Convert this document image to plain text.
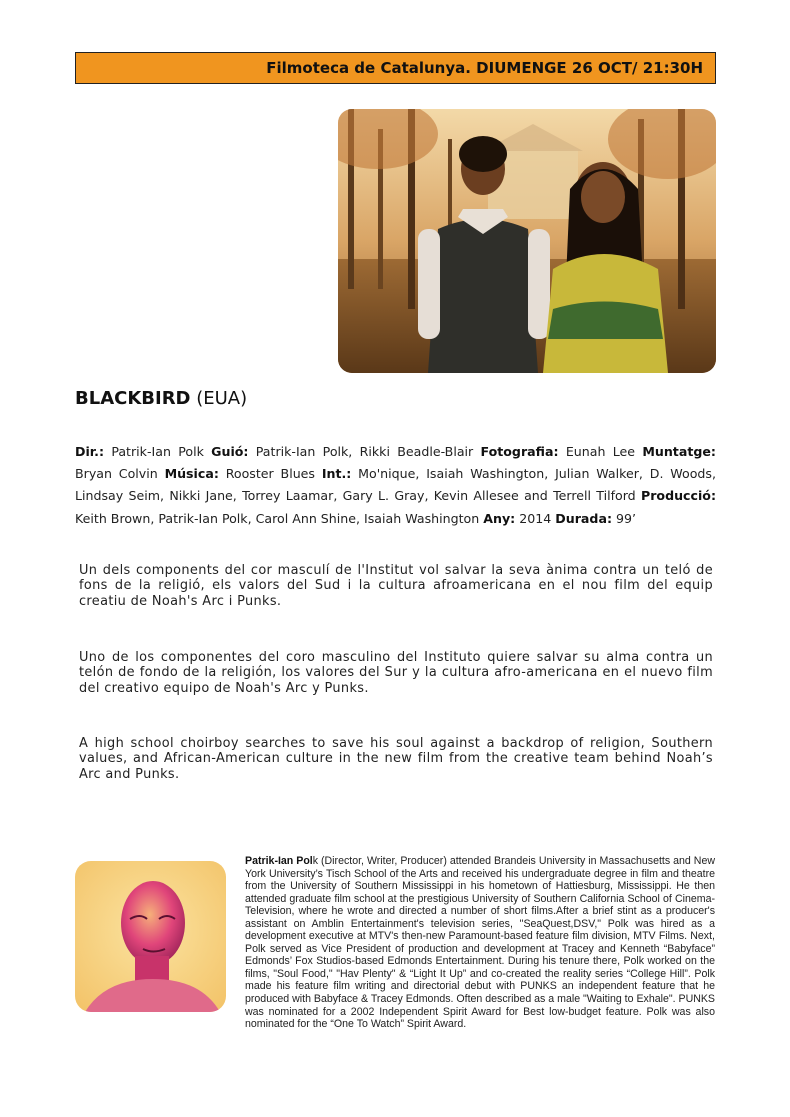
Filmoteca de Catalunya. DIUMENGE 26 OCT/ 21:30H
BLACKBIRD (EUA)
Dir.: Patrik-Ian Polk Guió: Patrik-Ian Polk, Rikki Beadle-Blair Fotografia: Eunah Lee Muntatge: Bryan Colvin Música: Rooster Blues Int.: Mo'nique, Isaiah Washington, Julian Walker, D. Woods, Lindsay Seim, Nikki Jane, Torrey Laamar, Gary L. Gray, Kevin Allesee and Terrell Tilford Producció: Keith Brown, Patrik-Ian Polk, Carol Ann Shine, Isaiah Washington Any: 2014 Durada: 99’

Un dels components del cor masculí de l'Institut vol salvar la seva ànima contra un teló de fons de la religió, els valors del Sud i la cultura afroamericana en el nou film del equip creatiu de Noah's Arc i Punks.

Uno de los componentes del coro masculino del Instituto quiere salvar su alma contra un telón de fondo de la religión, los valores del Sur y la cultura afro-americana en el nuevo film del creativo equipo de Noah's Arc y Punks.

A high school choirboy searches to save his soul against a backdrop of religion, Southern values, and African-American culture in the new film from the creative team behind Noah’s Arc and Punks.

Patrik-Ian Polk (Director, Writer, Producer) attended Brandeis University in Massachusetts and New York University’s Tisch School of the Arts and received his undergraduate degree in film and theatre from the University of Southern Mississippi in his hometown of Hattiesburg, Mississippi. He then attended graduate film school at the prestigious University of Southern California School of Cinema-Television, where he wrote and directed a number of short films.After a brief stint as a producer's assistant on Amblin Entertainment's television series, "SeaQuest,DSV," Polk was hired as a development executive at MTV's then-new Paramount-based feature film division, MTV Films. Next, Polk served as Vice President of production and development at Tracey and Kenneth “Babyface” Edmonds’ Fox Studios-based Edmonds Entertainment. During his tenure there, Polk worked on the films, "Soul Food," "Hav Plenty" & “Light It Up” and co-created the reality series “College Hill”. Polk made his feature film writing and directorial debut with PUNKS an independent feature that he produced with Babyface & Tracey Edmonds. Often described as a male "Waiting to Exhale". PUNKS was nominated for a 2002 Independent Spirit Award for Best low-budget feature. Polk was also nominated for the “One To Watch” Spirit Award.
